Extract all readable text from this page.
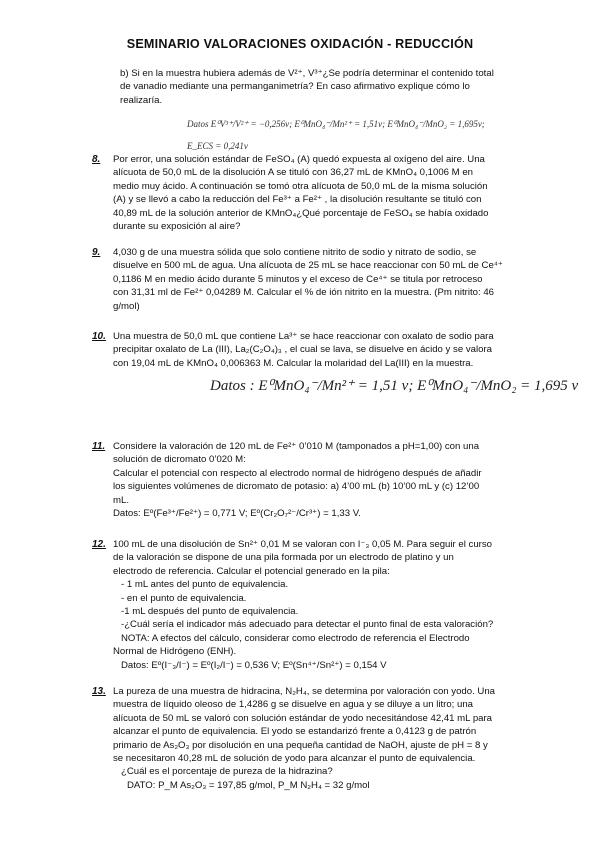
SEMINARIO VALORACIONES OXIDACIÓN - REDUCCIÓN

b) Si en la muestra hubiera además de V²⁺, V³⁺¿Se podría determinar el contenido total

de vanadio mediante una permanganimetría? En caso afirmativo explique cómo lo

realizaría.

Datos E⁰V³⁺/V²⁺ = −0,256v; E⁰MnO₄⁻/Mn²⁺ = 1,51v; E⁰MnO₄⁻/MnO₂ = 1,695v;
E_ECS = 0,241v
8. Por error, una solución estándar de FeSO₄ (A) quedó expuesta al oxígeno del aire. Una

alícuota de 50,0 mL de la disolución A se tituló con 36,27 mL de KMnO₄ 0,1006 M en

medio muy ácido. A continuación se tomó otra alícuota de 50,0 mL de la misma solución

(A) y se llevó a cabo la reducción del Fe³⁺ a Fe²⁺ , la disolución resultante se tituló con

40,89 mL de la solución anterior de KMnO₄¿Qué porcentaje de FeSO₄ se había oxidado

durante su exposición al aire?

9. 4,030 g de una muestra sólida que solo contiene nitrito de sodio y nitrato de sodio, se

disuelve en 500 mL de agua. Una alícuota de 25 mL se hace reaccionar con 50 mL de Ce⁴⁺

0,1186 M en medio ácido durante 5 minutos y el exceso de Ce⁴⁺ se titula por retroceso

con 31,31 ml de Fe²⁺ 0,04289 M. Calcular el % de ión nitrito en la muestra. (Pm nitrito: 46

g/mol)

10. Una muestra de 50,0 mL que contiene La³⁺ se hace reaccionar con oxalato de sodio para

precipitar oxalato de La (III), La₂(C₂O₄)₃ , el cual se lava, se disuelve en ácido y se valora

con 19,04 mL de KMnO₄ 0,006363 M. Calcular la molaridad del La(III) en la muestra.

Datos : E⁰MnO₄⁻/Mn²⁺ = 1,51 v; E⁰MnO₄⁻/MnO₂ = 1,695 v
11. Considere la valoración de 120 mL de Fe²⁺ 0’010 M (tamponados a pH=1,00) con una

solución de dicromato 0’020 M:

Calcular el potencial con respecto al electrodo normal de hidrógeno después de añadir

los siguientes volúmenes de dicromato de potasio: a) 4’00 mL (b) 10’00 mL y (c) 12’00

mL.

Datos: Eº(Fe³⁺/Fe²⁺) = 0,771 V; Eº(Cr₂O₇²⁻/Cr³⁺) = 1,33 V.

12. 100 mL de una disolución de Sn²⁺ 0,01 M se valoran con I⁻₃ 0,05 M. Para seguir el curso

de la valoración se dispone de una pila formada por un electrodo de platino y un

electrodo de referencia. Calcular el potencial generado en la pila:

- 1 mL antes del punto de equivalencia.

- en el punto de equivalencia.

-1 mL después del punto de equivalencia.

-¿Cuál sería el indicador más adecuado para detectar el punto final de esta valoración?

NOTA: A efectos del cálculo, considerar como electrodo de referencia el Electrodo

Normal de Hidrógeno (ENH).

Datos: Eº(I⁻₃/I⁻) = Eº(I₂/I⁻) = 0,536 V; Eº(Sn⁴⁺/Sn²⁺) = 0,154 V

13. La pureza de una muestra de hidracina, N₂H₄, se determina por valoración con yodo. Una

muestra de líquido oleoso de 1,4286 g se disuelve en agua y se diluye a un litro; una

alícuota de 50 mL se valoró con solución estándar de yodo necesitándose 42,41 mL para

alcanzar el punto de equivalencia. El yodo se estandarizó frente a 0,4123 g de patrón

primario de As₂O₃ por disolución en una pequeña cantidad de NaOH, ajuste de pH = 8 y

se necesitaron 40,28 mL de solución de yodo para alcanzar el punto de equivalencia.

¿Cuál es el porcentaje de pureza de la hidrazina?

DATO: P_M As₂O₃ = 197,85 g/mol, P_M N₂H₄ = 32 g/mol
